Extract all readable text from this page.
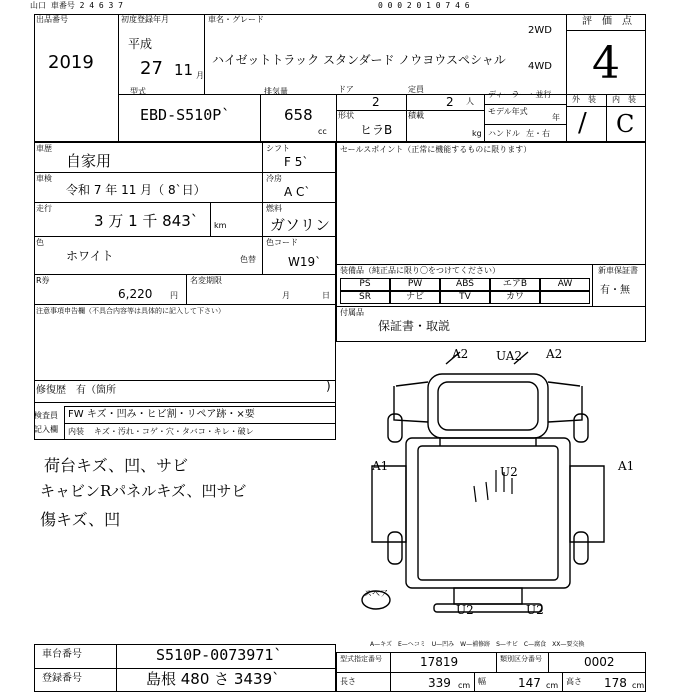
山口 車番号 2 4 6 3 7	0 0 0 2 0 1 0 7 4 6
出品番号
2019
初度登録年月
平成
27 11 月
車名・グレード
ハイゼットトラック スタンダード ノウヨウスペシャル
2WD
4WD
評　価　点
4
外　装 内　装
/ C
型式
EBD-S510P`
排気量
658
cc
ドア
2
定員
2 人
形状
ヒラB
積載
kg
ディーラー・並行
モデル年式
年
ハンドル 左・右
車歴
自家用
車検
令和 7 年 11 月（ 8`日）
走行
3 万 1 千 843` km
色
ホワイト	色替
R券
6,220 円
名変期限
月	日
注意事項申告欄（不具合内容等は具体的に記入して下さい）
修復歴　有（箇所	)
検査員
記入欄
FW キズ・凹み・ヒビ割・リペア跡・×要
内装 キズ・汚れ・コゲ・穴・タバコ・キレ・破レ
荷台キズ、凹、サビ
キャビンRパネルキズ、凹サビ
傷キズ、凹
シフト
F 5`
冷房
A C`
燃料
ガソリン
色コード
W19`
セールスポイント（正常に機能するものに限ります）
装備品（純正品に限り〇をつけてください）	新車保証書
有・無
PS	PW	ABS	エアB	AW
SR	ナビ	TV	カワ
付属品
保証書・取説
A2 UA2 A2
A1	A1
U2
スペア
U2	U2
A—キズ　E—ヘコミ　U—凹み　W—補修跡　S—サビ　C—腐食　XX—要交換
車台番号	S510P-0073971`
登録番号	島根 480 さ 3439`
型式指定番号	17819	類別区分番号	0002
長さ	339 cm 幅	147 cm 高さ 178 cm
